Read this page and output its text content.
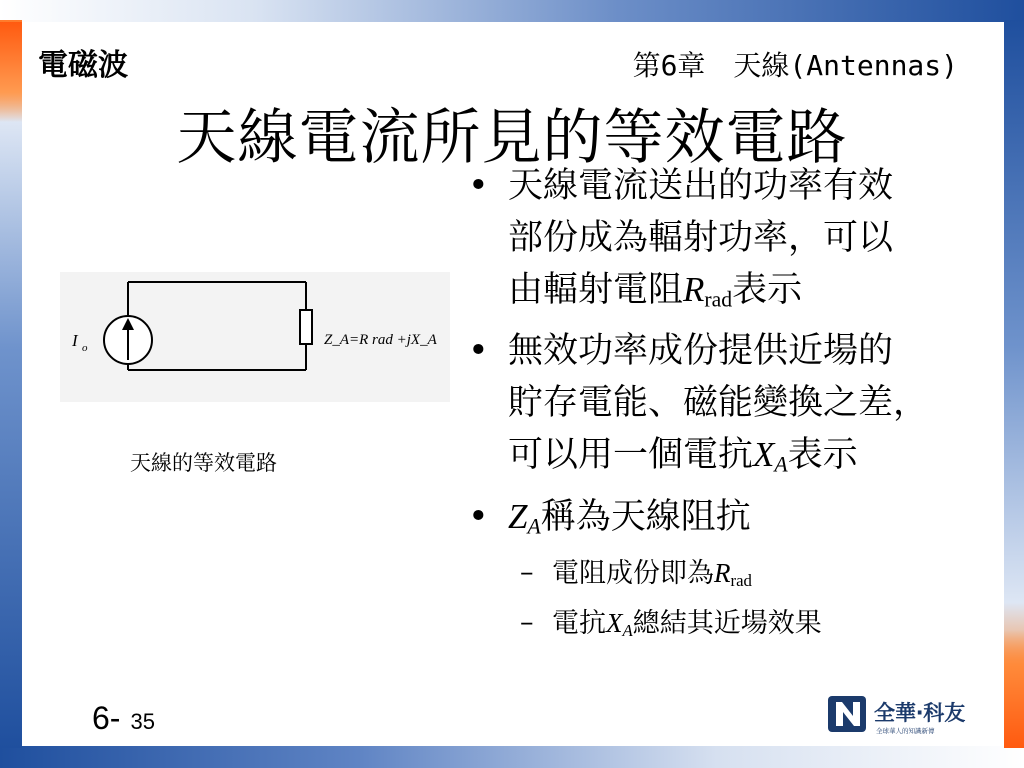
電磁波	第6章　天線(Antennas)
天線電流所見的等效電路
I o	Z_A=R rad +jX_A
天線的等效電路
• 天線電流送出的功率有效
部份成為輻射功率，可以
由輻射電阻$R_{rad}$表示
• 無效功率成份提供近場的
貯存電能、磁能變換之差，
可以用一個電抗$X_A$表示
• $Z_A$稱為天線阻抗
– 電阻成份即為$R_{rad}$
– 電抗$X_A$總結其近場效果
6- 35	全華‧科友
全球華人的知識新傳
